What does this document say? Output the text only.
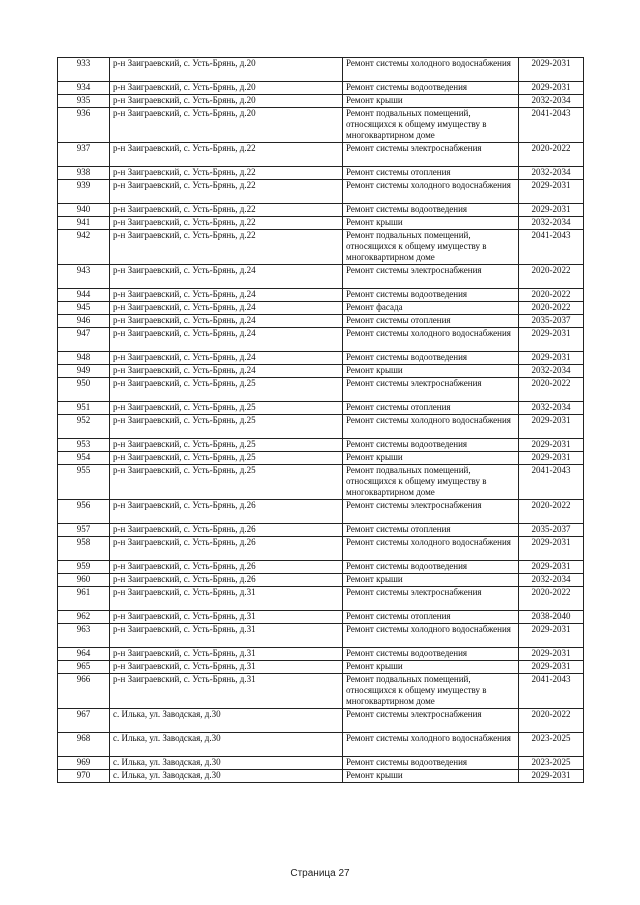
933	р-н Заиграевский, с. Усть-Брянь, д.20	Ремонт системы холодного водоснабжения	2029-2031
934	р-н Заиграевский, с. Усть-Брянь, д.20	Ремонт системы водоотведения	2029-2031
935	р-н Заиграевский, с. Усть-Брянь, д.20	Ремонт крыши	2032-2034
936	р-н Заиграевский, с. Усть-Брянь, д.20	Ремонт подвальных помещений, относящихся к общему имуществу в многоквартирном доме	2041-2043
937	р-н Заиграевский, с. Усть-Брянь, д.22	Ремонт системы электроснабжения	2020-2022
938	р-н Заиграевский, с. Усть-Брянь, д.22	Ремонт системы отопления	2032-2034
939	р-н Заиграевский, с. Усть-Брянь, д.22	Ремонт системы холодного водоснабжения	2029-2031
940	р-н Заиграевский, с. Усть-Брянь, д.22	Ремонт системы водоотведения	2029-2031
941	р-н Заиграевский, с. Усть-Брянь, д.22	Ремонт крыши	2032-2034
942	р-н Заиграевский, с. Усть-Брянь, д.22	Ремонт подвальных помещений, относящихся к общему имуществу в многоквартирном доме	2041-2043
943	р-н Заиграевский, с. Усть-Брянь, д.24	Ремонт системы электроснабжения	2020-2022
944	р-н Заиграевский, с. Усть-Брянь, д.24	Ремонт системы водоотведения	2020-2022
945	р-н Заиграевский, с. Усть-Брянь, д.24	Ремонт фасада	2020-2022
946	р-н Заиграевский, с. Усть-Брянь, д.24	Ремонт системы отопления	2035-2037
947	р-н Заиграевский, с. Усть-Брянь, д.24	Ремонт системы холодного водоснабжения	2029-2031
948	р-н Заиграевский, с. Усть-Брянь, д.24	Ремонт системы водоотведения	2029-2031
949	р-н Заиграевский, с. Усть-Брянь, д.24	Ремонт крыши	2032-2034
950	р-н Заиграевский, с. Усть-Брянь, д.25	Ремонт системы электроснабжения	2020-2022
951	р-н Заиграевский, с. Усть-Брянь, д.25	Ремонт системы отопления	2032-2034
952	р-н Заиграевский, с. Усть-Брянь, д.25	Ремонт системы холодного водоснабжения	2029-2031
953	р-н Заиграевский, с. Усть-Брянь, д.25	Ремонт системы водоотведения	2029-2031
954	р-н Заиграевский, с. Усть-Брянь, д.25	Ремонт крыши	2029-2031
955	р-н Заиграевский, с. Усть-Брянь, д.25	Ремонт подвальных помещений, относящихся к общему имуществу в многоквартирном доме	2041-2043
956	р-н Заиграевский, с. Усть-Брянь, д.26	Ремонт системы электроснабжения	2020-2022
957	р-н Заиграевский, с. Усть-Брянь, д.26	Ремонт системы отопления	2035-2037
958	р-н Заиграевский, с. Усть-Брянь, д.26	Ремонт системы холодного водоснабжения	2029-2031
959	р-н Заиграевский, с. Усть-Брянь, д.26	Ремонт системы водоотведения	2029-2031
960	р-н Заиграевский, с. Усть-Брянь, д.26	Ремонт крыши	2032-2034
961	р-н Заиграевский, с. Усть-Брянь, д.31	Ремонт системы электроснабжения	2020-2022
962	р-н Заиграевский, с. Усть-Брянь, д.31	Ремонт системы отопления	2038-2040
963	р-н Заиграевский, с. Усть-Брянь, д.31	Ремонт системы холодного водоснабжения	2029-2031
964	р-н Заиграевский, с. Усть-Брянь, д.31	Ремонт системы водоотведения	2029-2031
965	р-н Заиграевский, с. Усть-Брянь, д.31	Ремонт крыши	2029-2031
966	р-н Заиграевский, с. Усть-Брянь, д.31	Ремонт подвальных помещений, относящихся к общему имуществу в многоквартирном доме	2041-2043
967	с. Илька, ул. Заводская, д.30	Ремонт системы электроснабжения	2020-2022
968	с. Илька, ул. Заводская, д.30	Ремонт системы холодного водоснабжения	2023-2025
969	с. Илька, ул. Заводская, д.30	Ремонт системы водоотведения	2023-2025
970	с. Илька, ул. Заводская, д.30	Ремонт крыши	2029-2031
Страница 27
